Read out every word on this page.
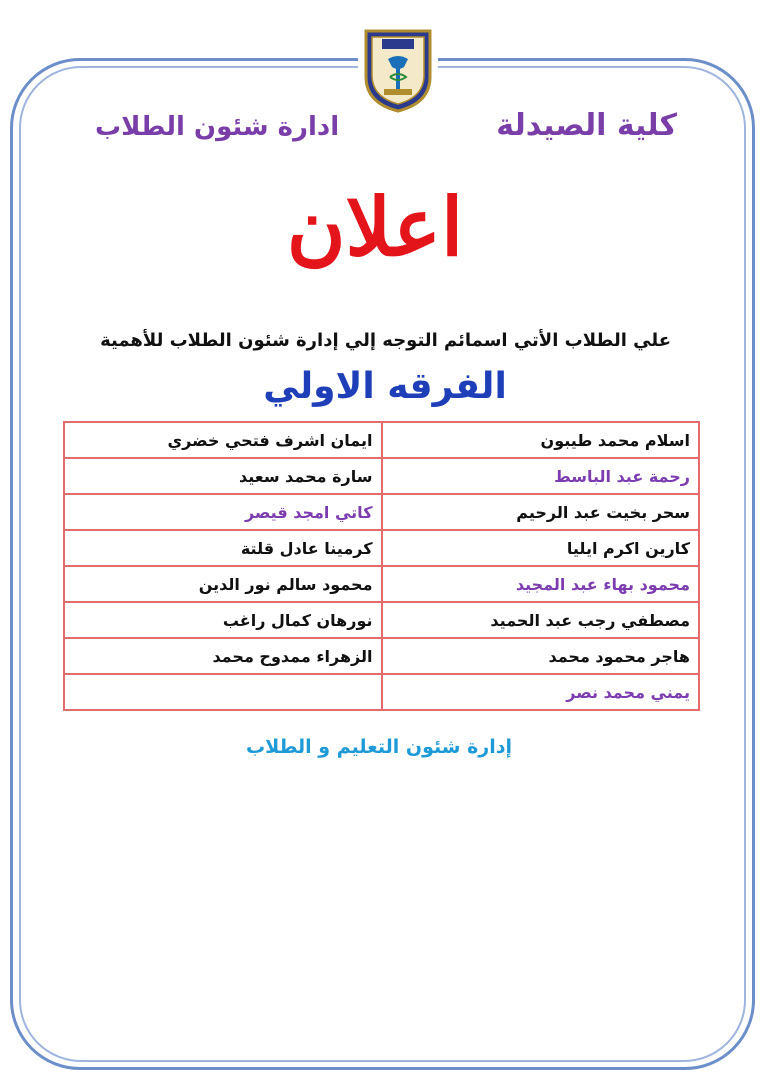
كلية الصيدلة
ادارة شئون الطلاب
اعلان
علي الطلاب الأتي اسمائم التوجه إلي إدارة شئون الطلاب للأهمية
الفرقه الاولي
اسلام محمد طيبون	ايمان اشرف فتحي خضري
رحمة عبد الباسط	سارة محمد سعيد
سحر بخيت عبد الرحيم	كاتي امجد قيصر
كارين اكرم ايليا	كرمينا عادل قلتة
محمود بهاء عبد المجيد	محمود سالم نور الدين
مصطفي رجب عبد الحميد	نورهان كمال راغب
هاجر محمود محمد	الزهراء ممدوح محمد
يمني محمد نصر	
إدارة شئون التعليم و الطلاب
